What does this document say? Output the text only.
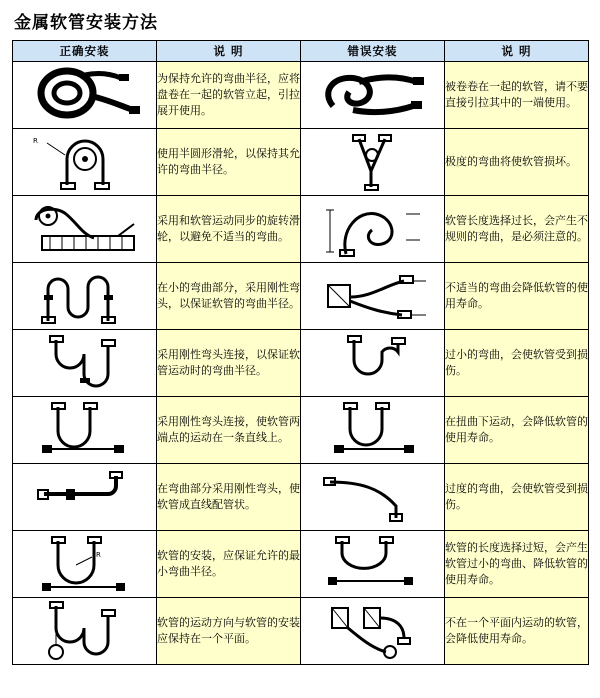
金属软管安装方法
正确安装	说 明	错误安装	说 明

	为保持允许的弯曲半径，应将盘卷在一起的软管立起，引拉展开使用。		被卷卷在一起的软管，请不要直接引拉其中的一端使用。

R	使用半圆形滑轮，以保持其允许的弯曲半径。		极度的弯曲将使软管损坏。

	采用和软管运动同步的旋转滑轮，以避免不适当的弯曲。		软管长度选择过长，会产生不规则的弯曲，是必须注意的。

	在小的弯曲部分，采用刚性弯头，以保证软管的弯曲半径。		不适当的弯曲会降低软管的使用寿命。

	采用刚性弯头连接，以保证软管运动时的弯曲半径。		过小的弯曲，会使软管受到损伤。

	采用刚性弯头连接，使软管两端点的运动在一条直线上。		在扭曲下运动，会降低软管的使用寿命。

	在弯曲部分采用刚性弯头，使软管成直线配管状。		过度的弯曲，会使软管受到损伤。

R	软管的安装，应保证允许的最小弯曲半径。		软管的长度选择过短，会产生软管过小的弯曲、降低软管的使用寿命。

	软管的运动方向与软管的安装应保持在一个平面。		不在一个平面内运动的软管，会降低使用寿命。
